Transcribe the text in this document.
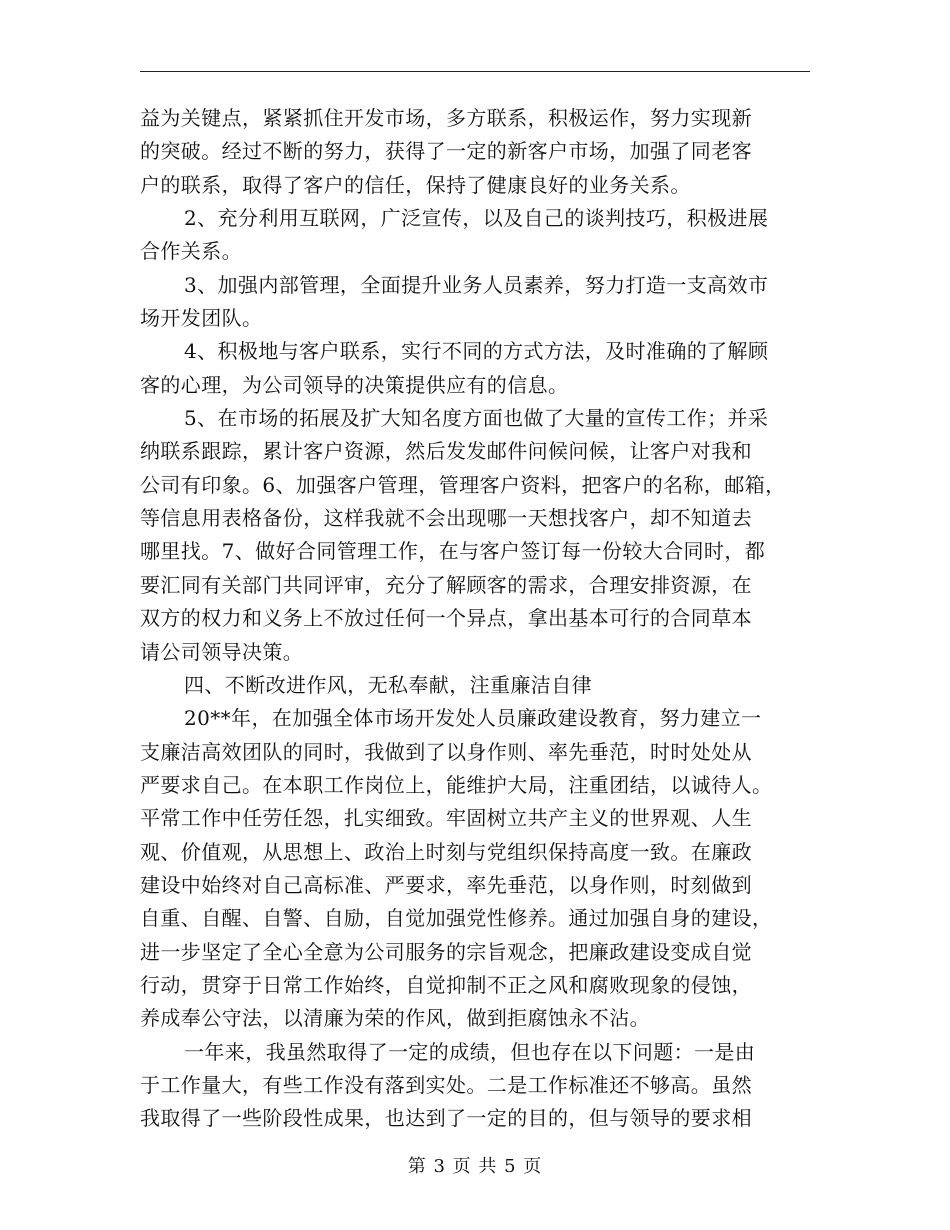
益为关键点，紧紧抓住开发市场，多方联系，积极运作，努力实现新
的突破。经过不断的努力，获得了一定的新客户市场，加强了同老客
户的联系，取得了客户的信任，保持了健康良好的业务关系。
2、充分利用互联网，广泛宣传，以及自己的谈判技巧，积极进展
合作关系。
3、加强内部管理，全面提升业务人员素养，努力打造一支高效市
场开发团队。
4、积极地与客户联系，实行不同的方式方法，及时准确的了解顾
客的心理，为公司领导的决策提供应有的信息。
5、在市场的拓展及扩大知名度方面也做了大量的宣传工作；并采
纳联系跟踪，累计客户资源，然后发发邮件问候问候，让客户对我和
公司有印象。6、加强客户管理，管理客户资料，把客户的名称，邮箱，
等信息用表格备份，这样我就不会出现哪一天想找客户，却不知道去
哪里找。7、做好合同管理工作，在与客户签订每一份较大合同时，都
要汇同有关部门共同评审，充分了解顾客的需求，合理安排资源，在
双方的权力和义务上不放过任何一个异点，拿出基本可行的合同草本
请公司领导决策。
四、不断改进作风，无私奉献，注重廉洁自律
20**年，在加强全体市场开发处人员廉政建设教育，努力建立一
支廉洁高效团队的同时，我做到了以身作则、率先垂范，时时处处从
严要求自己。在本职工作岗位上，能维护大局，注重团结，以诚待人。
平常工作中任劳任怨，扎实细致。牢固树立共产主义的世界观、人生
观、价值观，从思想上、政治上时刻与党组织保持高度一致。在廉政
建设中始终对自己高标准、严要求，率先垂范，以身作则，时刻做到
自重、自醒、自警、自励，自觉加强党性修养。通过加强自身的建设，
进一步坚定了全心全意为公司服务的宗旨观念，把廉政建设变成自觉
行动，贯穿于日常工作始终，自觉抑制不正之风和腐败现象的侵蚀，
养成奉公守法，以清廉为荣的作风，做到拒腐蚀永不沾。
一年来，我虽然取得了一定的成绩，但也存在以下问题：一是由
于工作量大，有些工作没有落到实处。二是工作标准还不够高。虽然
我取得了一些阶段性成果，也达到了一定的目的，但与领导的要求相
第 3 页 共 5 页
